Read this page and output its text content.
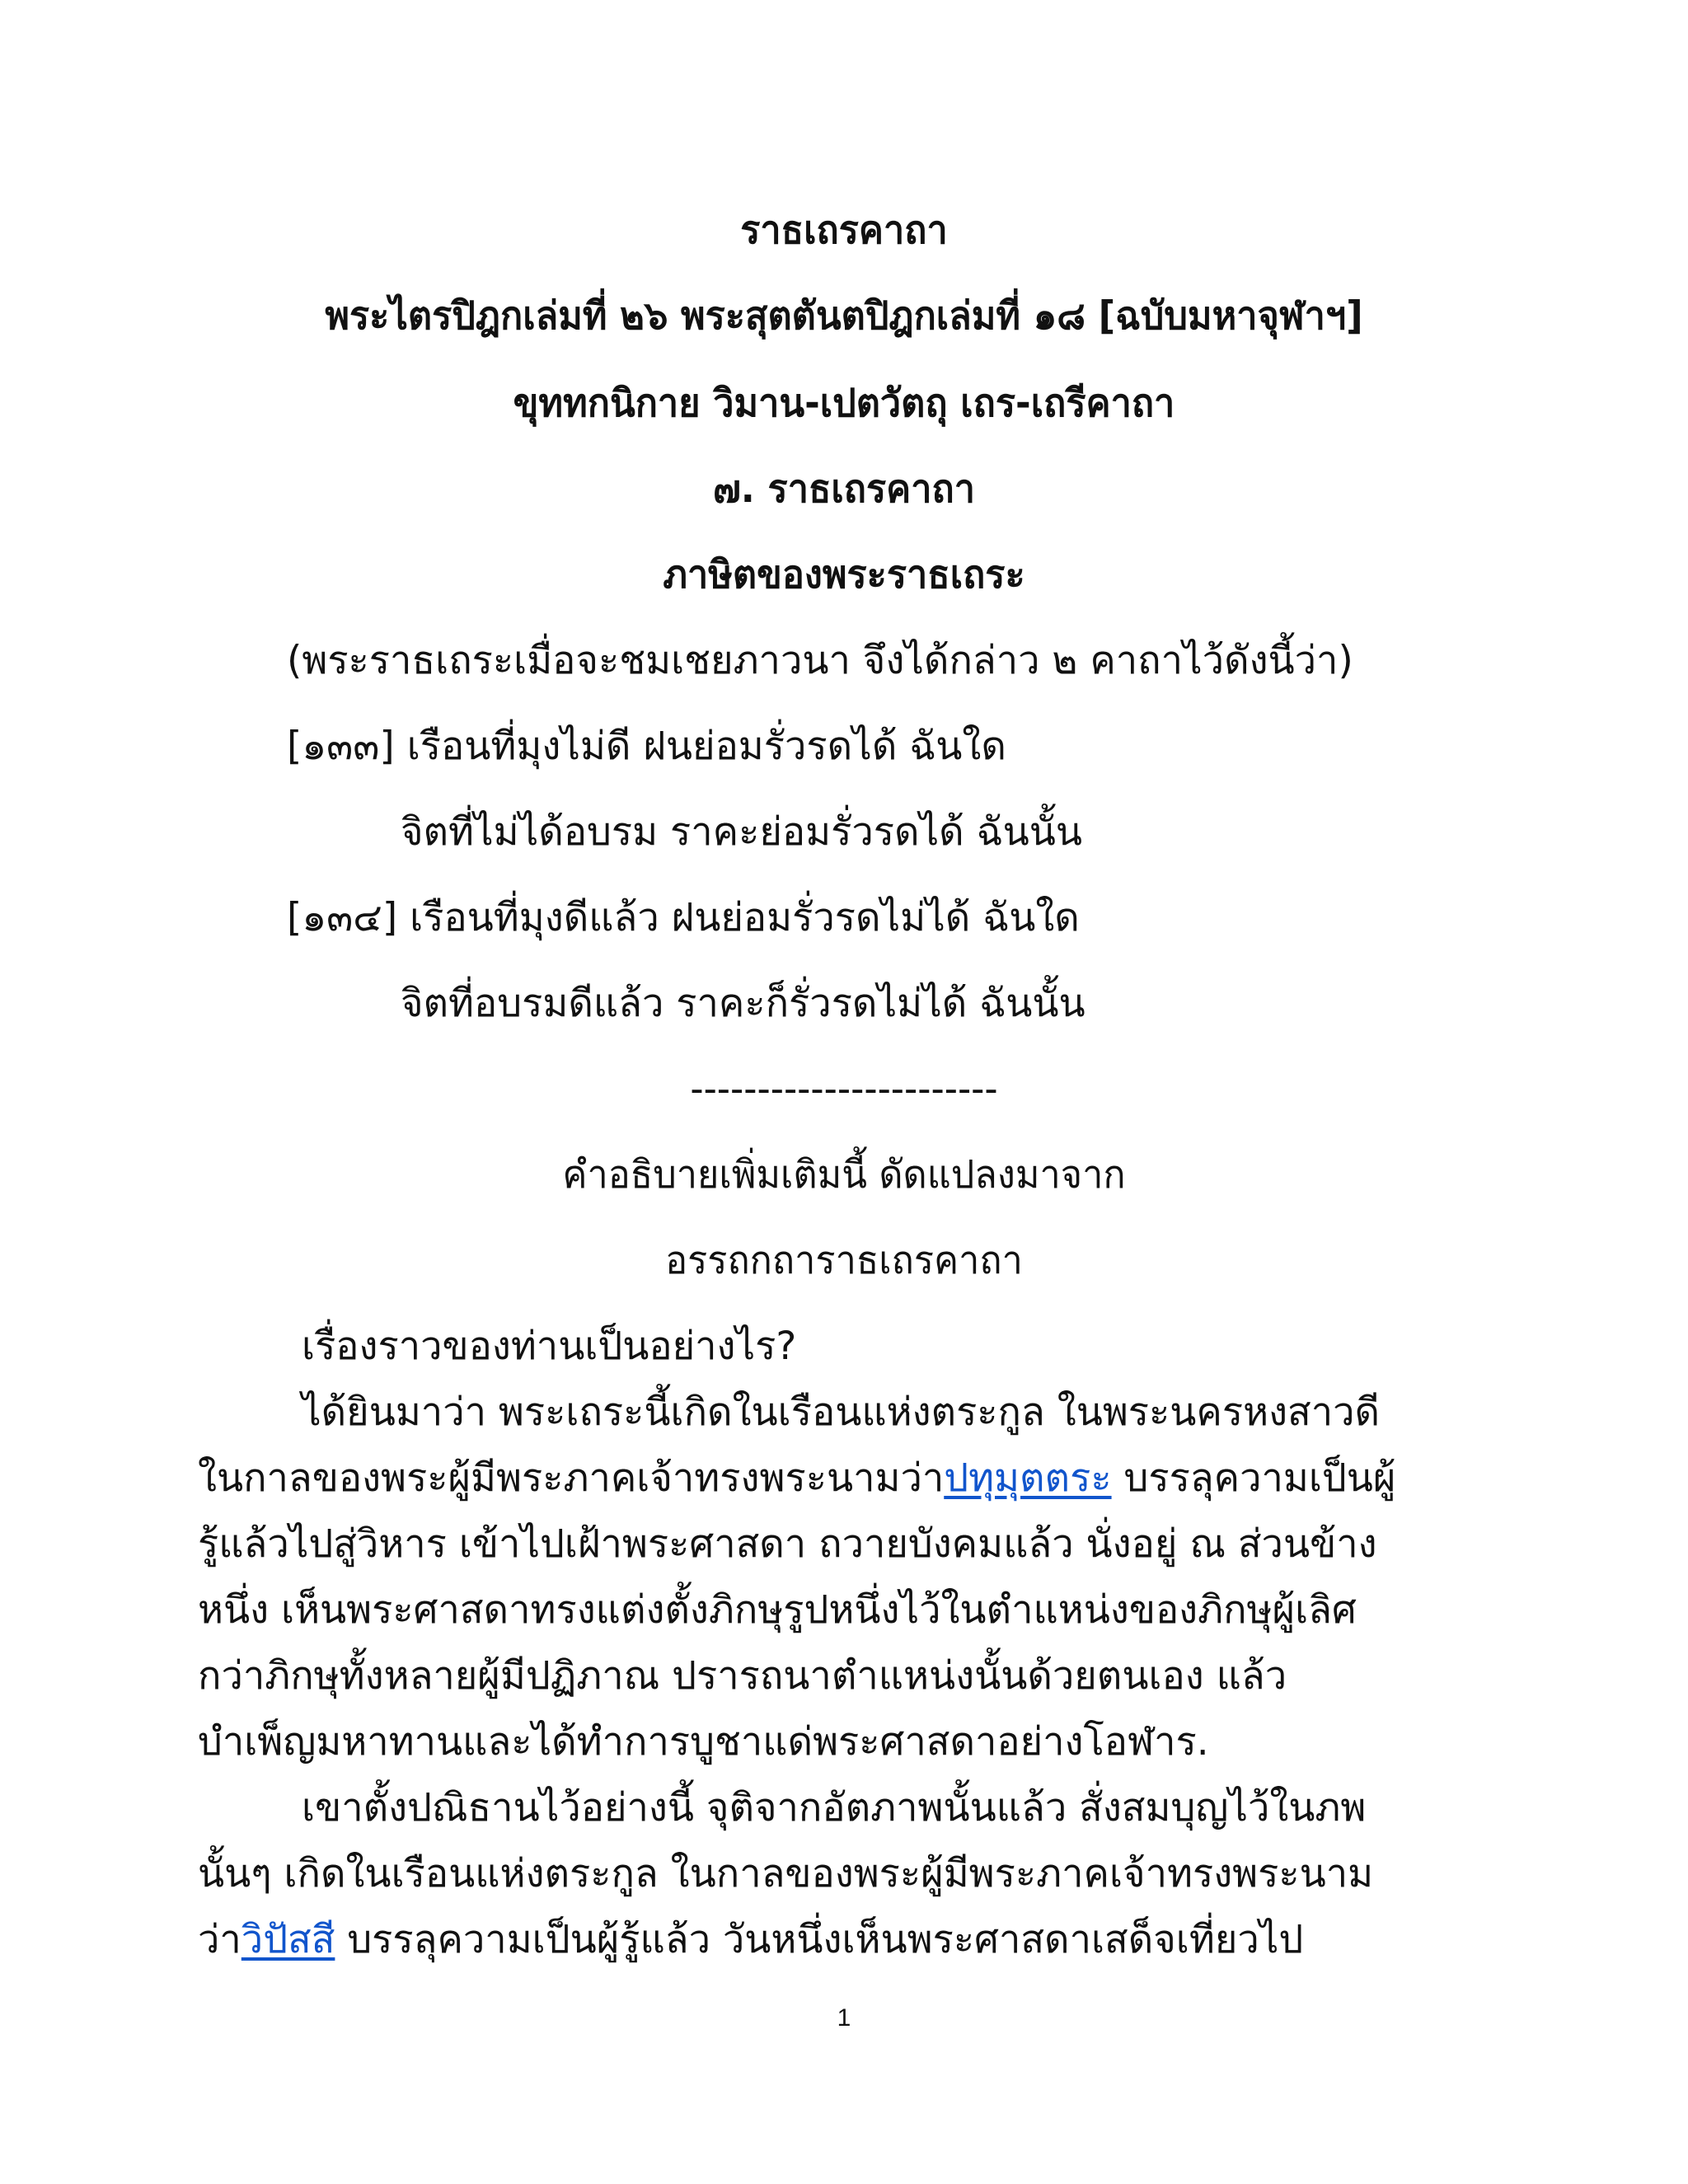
ราธเถรคาถา
พระไตรปิฎกเล่มที่ ๒๖ พระสุตตันตปิฎกเล่มที่ ๑๘ [ฉบับมหาจุฬาฯ]
ขุททกนิกาย วิมาน-เปตวัตถุ เถร-เถรีคาถา
๗. ราธเถรคาถา
ภาษิตของพระราธเถระ
(พระราธเถระเมื่อจะชมเชยภาวนา จึงได้กล่าว ๒ คาถาไว้ดังนี้ว่า)
[๑๓๓] เรือนที่มุงไม่ดี ฝนย่อมรั่วรดได้ ฉันใด
จิตที่ไม่ได้อบรม ราคะย่อมรั่วรดได้ ฉันนั้น
[๑๓๔] เรือนที่มุงดีแล้ว ฝนย่อมรั่วรดไม่ได้ ฉันใด
จิตที่อบรมดีแล้ว ราคะก็รั่วรดไม่ได้ ฉันนั้น
-----------------------
คำอธิบายเพิ่มเติมนี้ ดัดแปลงมาจาก
อรรถกถาราธเถรคาถา
เรื่องราวของท่านเป็นอย่างไร?
ได้ยินมาว่า พระเถระนี้เกิดในเรือนแห่งตระกูล ในพระนครหงสาวดี
ในกาลของพระผู้มีพระภาคเจ้าทรงพระนามว่าปทุมุตตระ บรรลุความเป็นผู้
รู้แล้วไปสู่วิหาร เข้าไปเฝ้าพระศาสดา ถวายบังคมแล้ว นั่งอยู่ ณ ส่วนข้าง
หนึ่ง เห็นพระศาสดาทรงแต่งตั้งภิกษุรูปหนึ่งไว้ในตำแหน่งของภิกษุผู้เลิศ
กว่าภิกษุทั้งหลายผู้มีปฏิภาณ ปรารถนาตำแหน่งนั้นด้วยตนเอง แล้ว
บำเพ็ญมหาทานและได้ทำการบูชาแด่พระศาสดาอย่างโอฬาร.
เขาตั้งปณิธานไว้อย่างนี้ จุติจากอัตภาพนั้นแล้ว สั่งสมบุญไว้ในภพ
นั้นๆ เกิดในเรือนแห่งตระกูล ในกาลของพระผู้มีพระภาคเจ้าทรงพระนาม
ว่าวิปัสสี บรรลุความเป็นผู้รู้แล้ว วันหนึ่งเห็นพระศาสดาเสด็จเที่ยวไป
1
